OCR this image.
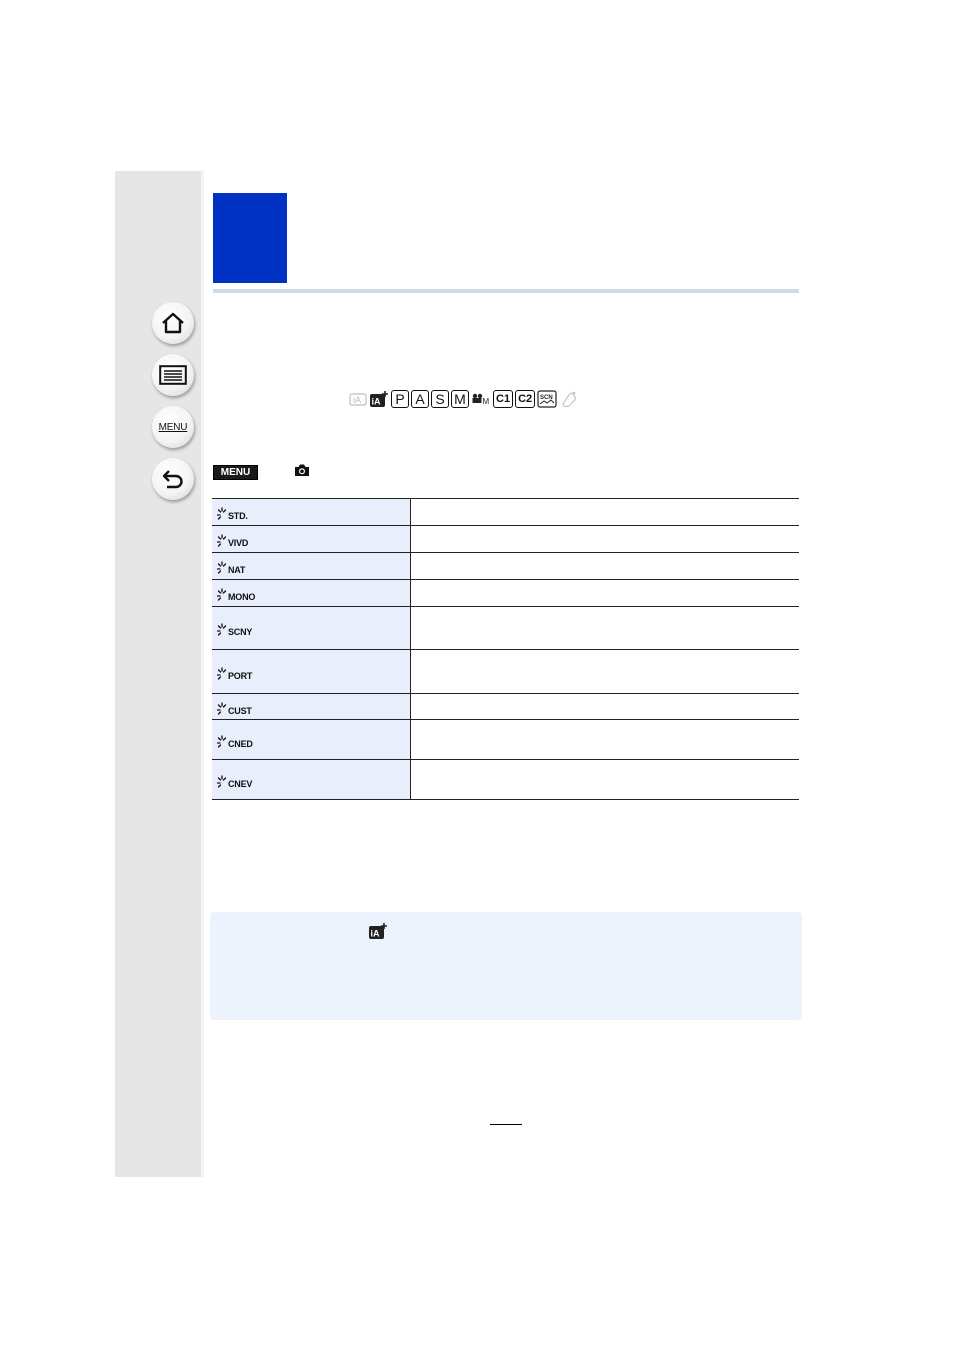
MENU
iA iA	P A S M	M C1 C2	SCN
MENU
STD.	

VIVD	

NAT	

MONO	

SCNY	

PORT	

CUST	

CNED	

CNEV	

iA
